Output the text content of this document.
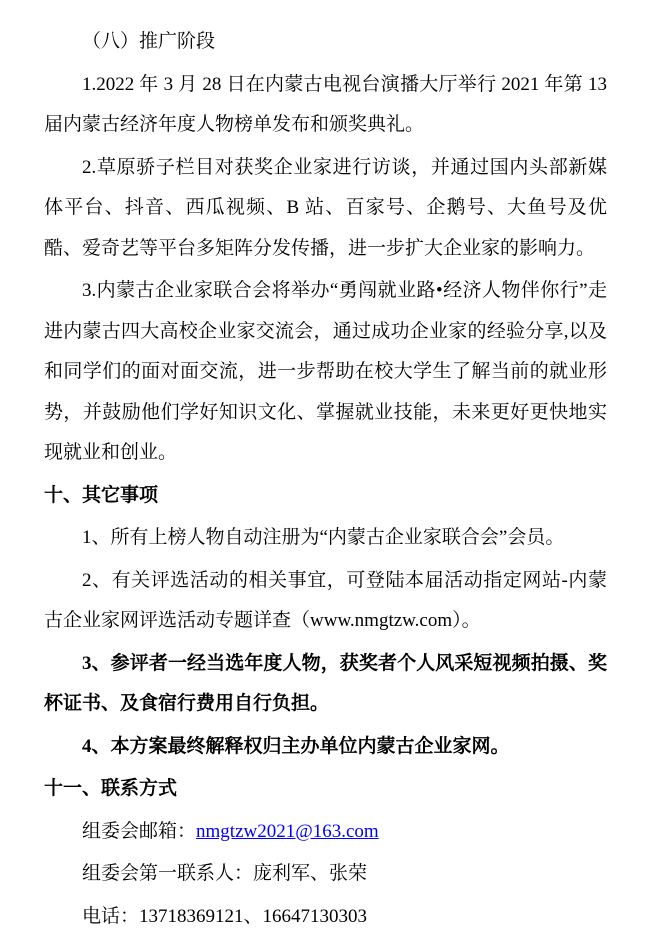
（八）推广阶段

1.2022 年 3 月 28 日在内蒙古电视台演播大厅举行 2021 年第 13 届内蒙古经济年度人物榜单发布和颁奖典礼。

2.草原骄子栏目对获奖企业家进行访谈，并通过国内头部新媒体平台、抖音、西瓜视频、B 站、百家号、企鹅号、大鱼号及优酷、爱奇艺等平台多矩阵分发传播，进一步扩大企业家的影响力。

3.内蒙古企业家联合会将举办“勇闯就业路•经济人物伴你行”走进内蒙古四大高校企业家交流会，通过成功企业家的经验分享,以及和同学们的面对面交流，进一步帮助在校大学生了解当前的就业形势，并鼓励他们学好知识文化、掌握就业技能，未来更好更快地实现就业和创业。

十、其它事项

1、所有上榜人物自动注册为“内蒙古企业家联合会”会员。

2、有关评选活动的相关事宜，可登陆本届活动指定网站-内蒙古企业家网评选活动专题详查（www.nmgtzw.com）。

3、参评者一经当选年度人物，获奖者个人风采短视频拍摄、奖杯证书、及食宿行费用自行负担。

4、本方案最终解释权归主办单位内蒙古企业家网。

十一、联系方式

组委会邮箱：nmgtzw2021@163.com

组委会第一联系人：庞利军、张荣

电话：13718369121、16647130303
